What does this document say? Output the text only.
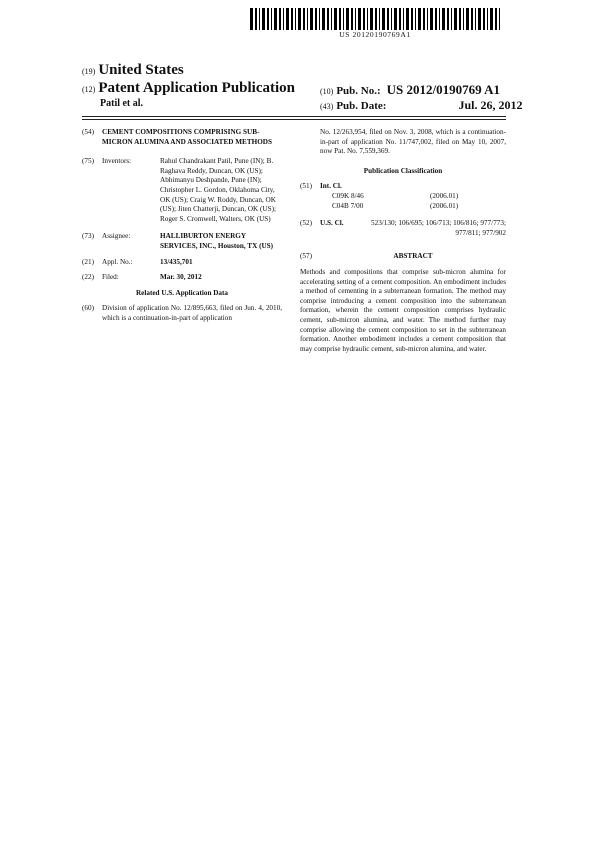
US 20120190769A1
(19) United States
(12) Patent Application Publication
Patil et al.
(10) Pub. No.: US 2012/0190769 A1
(43) Pub. Date:	Jul. 26, 2012
(54)	CEMENT COMPOSITIONS COMPRISING SUB-MICRON ALUMINA AND ASSOCIATED METHODS
(75)	Inventors:	Rahul Chandrakant Patil, Pune (IN); B. Raghava Reddy, Duncan, OK (US); Abhimanyu Deshpande, Pune (IN); Christopher L. Gordon, Oklahoma City, OK (US); Craig W. Roddy, Duncan, OK (US); Jiten Chatterji, Duncan, OK (US); Roger S. Cromwell, Walters, OK (US)
(73)	Assignee:	HALLIBURTON ENERGY SERVICES, INC., Houston, TX (US)
(21)	Appl. No.:	13/435,701
(22)	Filed:	Mar. 30, 2012
Related U.S. Application Data
(60)	Division of application No. 12/895,663, filed on Jun. 4, 2010, which is a continuation-in-part of application
No. 12/263,954, filed on Nov. 3, 2008, which is a continuation-in-part of application No. 11/747,002, filed on May 10, 2007, now Pat. No. 7,559,369.
Publication Classification
(51)	Int. Cl.
C09K 8/46	(2006.01)
C04B 7/00	(2006.01)
(52)	U.S. Cl.	523/130; 106/695; 106/713; 106/816; 977/773; 977/811; 977/902
(57)	ABSTRACT
Methods and compositions that comprise sub-micron alumina for accelerating setting of a cement composition. An embodiment includes a method of cementing in a subterranean formation. The method may comprise introducing a cement composition into the subterranean formation, wherein the cement composition comprises hydraulic cement, sub-micron alumina, and water. The method further may comprise allowing the cement composition to set in the subterranean formation. Another embodiment includes a cement composition that may comprise hydraulic cement, sub-micron alumina, and water.
